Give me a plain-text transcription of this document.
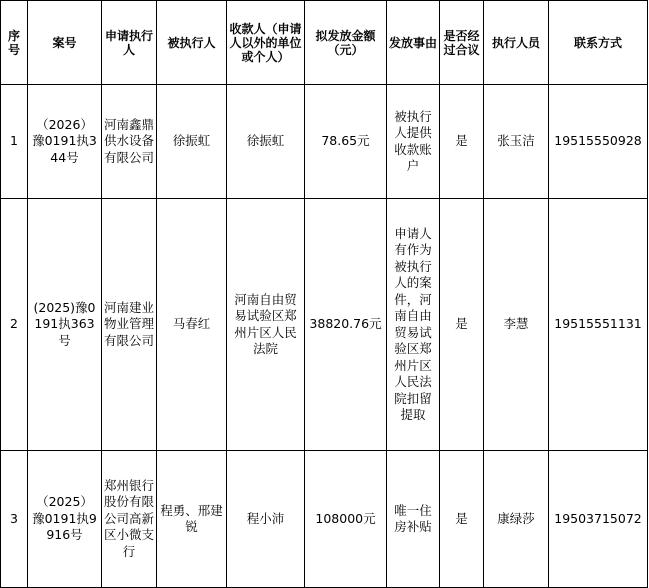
序号	案号	申请执行人	被执行人	收款人（申请人以外的单位或个人）	拟发放金额（元）	发放事由	是否经过合议	执行人员	联系方式
1	（2026）豫0191执344号	河南鑫鼎供水设备有限公司	徐振虹	徐振虹	78.65元	被执行人提供收款账户	是	张玉洁	19515550928
2	(2025)豫0191执363号	河南建业物业管理有限公司	马春红	河南自由贸易试验区郑州片区人民法院	38820.76元	申请人有作为被执行人的案件，河南自由贸易试验区郑州片区人民法院扣留提取	是	李慧	19515551131
3	（2025）豫0191执9916号	郑州银行股份有限公司高新区小微支行	程勇、邢建锐	程小沛	108000元	唯一住房补贴	是	康绿莎	19503715072
